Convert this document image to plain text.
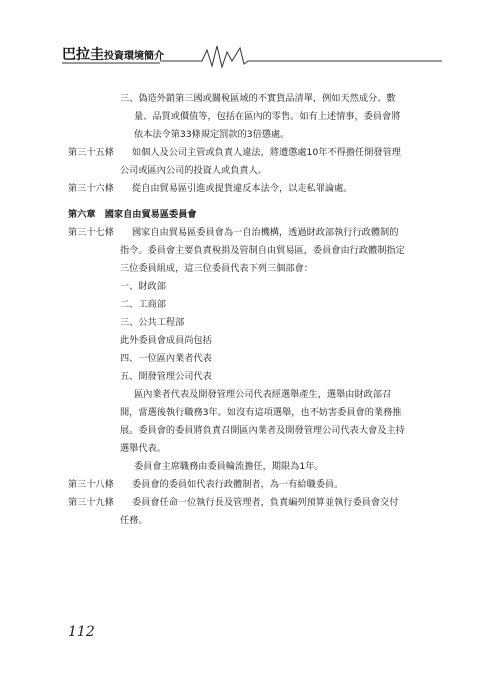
巴拉圭投資環境簡介
三、偽造外銷第三國或關稅區域的不實貨品清單，例如天然成分、數
量、品質或價值等，包括在區內的零售。如有上述情事，委員會將
依本法令第33條規定罰款的3倍懲處。
第三十五條	如個人及公司主管或負責人違法，將遭懲處10年不得擔任開發管理
公司或區內公司的投資人或負責人。
第三十六條	從自由貿易區引進或提貨違反本法令，以走私罪論處。
第六章　國家自由貿易區委員會
第三十七條	國家自由貿易區委員會為一自治機構，透過財政部執行行政體制的
指令。委員會主要負責稅捐及管制自由貿易區，委員會由行政體制指定
三位委員組成，這三位委員代表下列三個部會：
一、財政部
二、工商部
三、公共工程部
此外委員會成員尚包括
四、一位區內業者代表
五、開發管理公司代表
區內業者代表及開發管理公司代表經選舉產生，選舉由財政部召
開，當選後執行職務3年。如沒有這項選舉，也不妨害委員會的業務推
展。委員會的委員將負責召開區內業者及開發管理公司代表大會及主持
選舉代表。
委員會主席職務由委員輪流擔任，期限為1年。
第三十八條	委員會的委員如代表行政體制者，為一有給職委員。
第三十九條	委員會任命一位執行長及管理者，負責編列預算並執行委員會交付
任務。
112
